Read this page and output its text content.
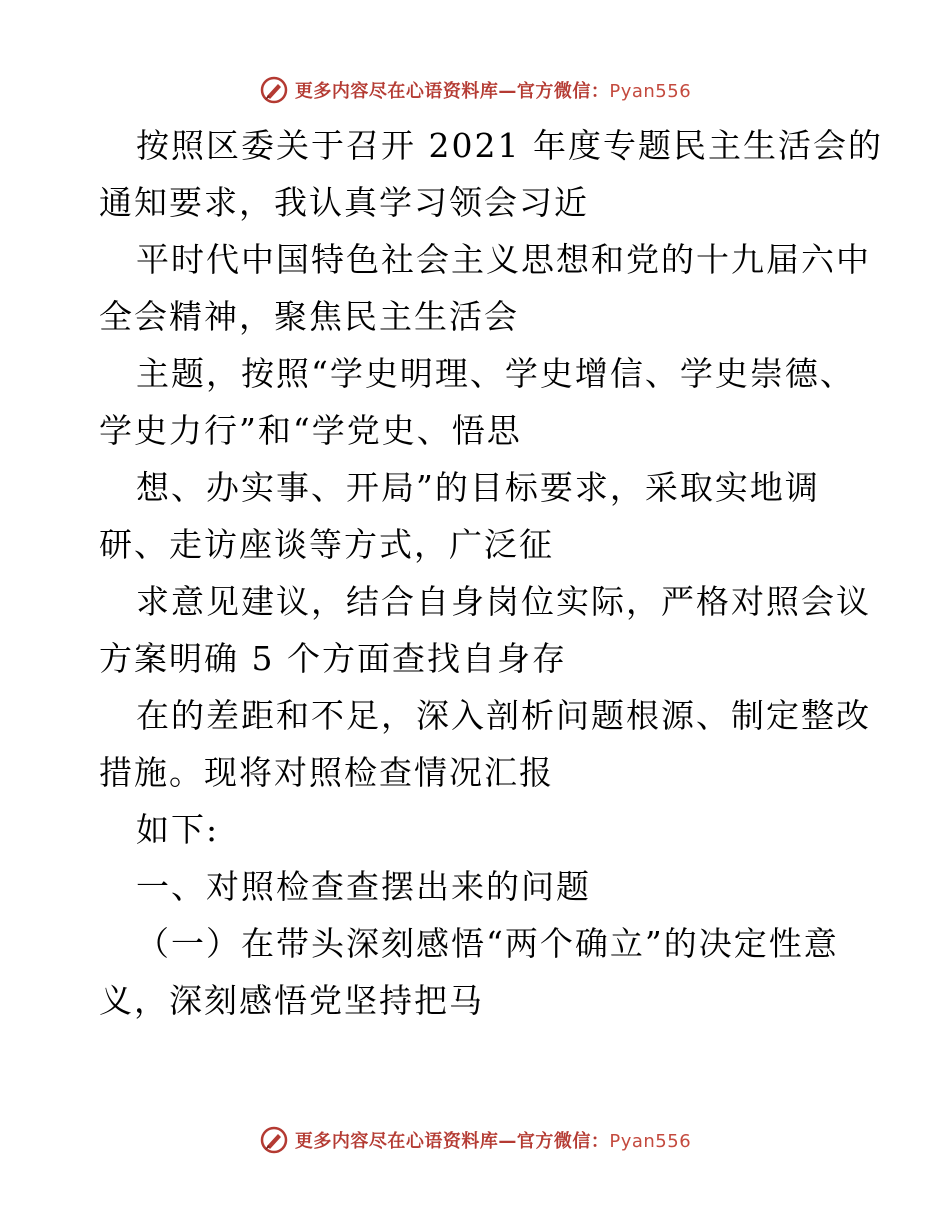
更多内容尽在心语资料库—官方微信：Pyan556
按照区委关于召开 2021 年度专题民主生活会的
通知要求，我认真学习领会习近
平时代中国特色社会主义思想和党的十九届六中
全会精神，聚焦民主生活会
主题，按照“学史明理、学史增信、学史崇德、
学史力行”和“学党史、悟思
想、办实事、开局”的目标要求，采取实地调
研、走访座谈等方式，广泛征
求意见建议，结合自身岗位实际，严格对照会议
方案明确 5 个方面查找自身存
在的差距和不足，深入剖析问题根源、制定整改
措施。现将对照检查情况汇报
如下:
一、对照检查查摆出来的问题
（一）在带头深刻感悟“两个确立”的决定性意
义，深刻感悟党坚持把马
更多内容尽在心语资料库—官方微信：Pyan556
